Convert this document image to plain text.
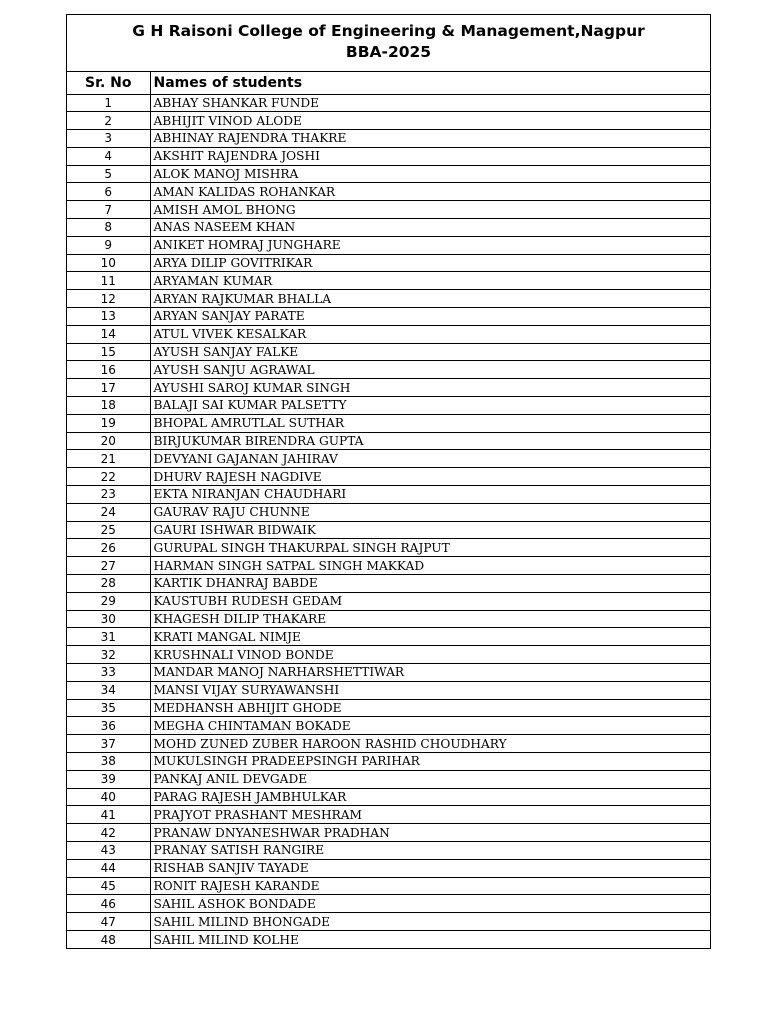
G H Raisoni College of Engineering & Management,Nagpur
BBA-2025
Sr. No	Names of students
1	ABHAY SHANKAR FUNDE
2	ABHIJIT VINOD ALODE
3	ABHINAY RAJENDRA THAKRE
4	AKSHIT RAJENDRA JOSHI
5	ALOK MANOJ MISHRA
6	AMAN KALIDAS ROHANKAR
7	AMISH AMOL BHONG
8	ANAS NASEEM KHAN
9	ANIKET HOMRAJ JUNGHARE
10	ARYA DILIP GOVITRIKAR
11	ARYAMAN KUMAR
12	ARYAN RAJKUMAR BHALLA
13	ARYAN SANJAY PARATE
14	ATUL VIVEK KESALKAR
15	AYUSH SANJAY FALKE
16	AYUSH SANJU AGRAWAL
17	AYUSHI SAROJ KUMAR SINGH
18	BALAJI SAI KUMAR PALSETTY
19	BHOPAL AMRUTLAL SUTHAR
20	BIRJUKUMAR BIRENDRA GUPTA
21	DEVYANI GAJANAN JAHIRAV
22	DHURV RAJESH NAGDIVE
23	EKTA NIRANJAN CHAUDHARI
24	GAURAV RAJU CHUNNE
25	GAURI ISHWAR BIDWAIK
26	GURUPAL SINGH THAKURPAL SINGH RAJPUT
27	HARMAN SINGH SATPAL SINGH MAKKAD
28	KARTIK DHANRAJ BABDE
29	KAUSTUBH RUDESH GEDAM
30	KHAGESH DILIP THAKARE
31	KRATI MANGAL NIMJE
32	KRUSHNALI VINOD BONDE
33	MANDAR MANOJ NARHARSHETTIWAR
34	MANSI VIJAY SURYAWANSHI
35	MEDHANSH ABHIJIT GHODE
36	MEGHA CHINTAMAN BOKADE
37	MOHD ZUNED ZUBER HAROON RASHID CHOUDHARY
38	MUKULSINGH PRADEEPSINGH PARIHAR
39	PANKAJ ANIL DEVGADE
40	PARAG RAJESH JAMBHULKAR
41	PRAJYOT PRASHANT MESHRAM
42	PRANAW DNYANESHWAR PRADHAN
43	PRANAY SATISH RANGIRE
44	RISHAB SANJIV TAYADE
45	RONIT RAJESH KARANDE
46	SAHIL ASHOK BONDADE
47	SAHIL MILIND BHONGADE
48	SAHIL MILIND KOLHE
